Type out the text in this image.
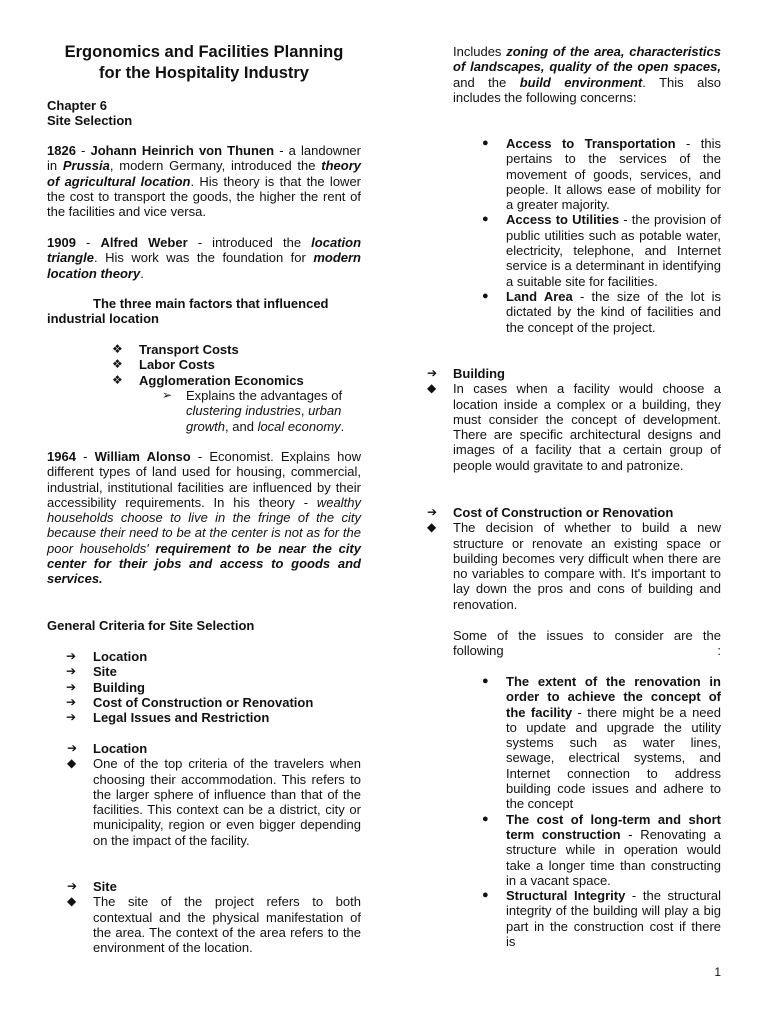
Ergonomics and Facilities Planning
for the Hospitality Industry
Chapter 6
Site Selection

1826 - Johann Heinrich von Thunen - a landowner in Prussia, modern Germany, introduced the theory of agricultural location. His theory is that the lower the cost to transport the goods, the higher the rent of the facilities and vice versa.

1909 - Alfred Weber - introduced the location triangle. His work was the foundation for modern location theory.

The three main factors that influenced industrial location

❖	Transport Costs
❖	Labor Costs
❖	Agglomeration Economics
➢ Explains the advantages of clustering industries, urban growth, and local economy.

1964 - William Alonso - Economist. Explains how different types of land used for housing, commercial, industrial, institutional facilities are influenced by their accessibility requirements. In his theory - wealthy households choose to live in the fringe of the city because their need to be at the center is not as for the poor households' requirement to be near the city center for their jobs and access to goods and services.

General Criteria for Site Selection

➔	Location
➔	Site
➔	Building
➔	Cost of Construction or Renovation
➔	Legal Issues and Restriction
➔ Location
◆ One of the top criteria of the travelers when choosing their accommodation. This refers to the larger sphere of influence than that of the facilities. This context can be a district, city or municipality, region or even bigger depending on the impact of the facility.
➔ Site
◆ The site of the project refers to both contextual and the physical manifestation of the area. The context of the area refers to the environment of the location.

Includes zoning of the area, characteristics of landscapes, quality of the open spaces, and the build environment. This also includes the following concerns:

●	Access to Transportation - this pertains to the services of the movement of goods, services, and people. It allows ease of mobility for a greater majority.
●	Access to Utilities - the provision of public utilities such as potable water, electricity, telephone, and Internet service is a determinant in identifying a suitable site for facilities.
●	Land Area - the size of the lot is dictated by the kind of facilities and the concept of the project.
➔ Building
◆ In cases when a facility would choose a location inside a complex or a building, they must consider the concept of development. There are specific architectural designs and images of a facility that a certain group of people would gravitate to and patronize.
➔ Cost of Construction or Renovation
◆ The decision of whether to build a new structure or renovate an existing space or building becomes very difficult when there are no variables to compare with. It's important to lay down the pros and cons of building and renovation.

Some of the issues to consider are the following :

●	The extent of the renovation in order to achieve the concept of the facility - there might be a need to update and upgrade the utility systems such as water lines, sewage, electrical systems, and Internet connection to address building code issues and adhere to the concept
●	The cost of long-term and short term construction - Renovating a structure while in operation would take a longer time than constructing in a vacant space.
●	Structural Integrity - the structural integrity of the building will play a big part in the construction cost if there is
1
